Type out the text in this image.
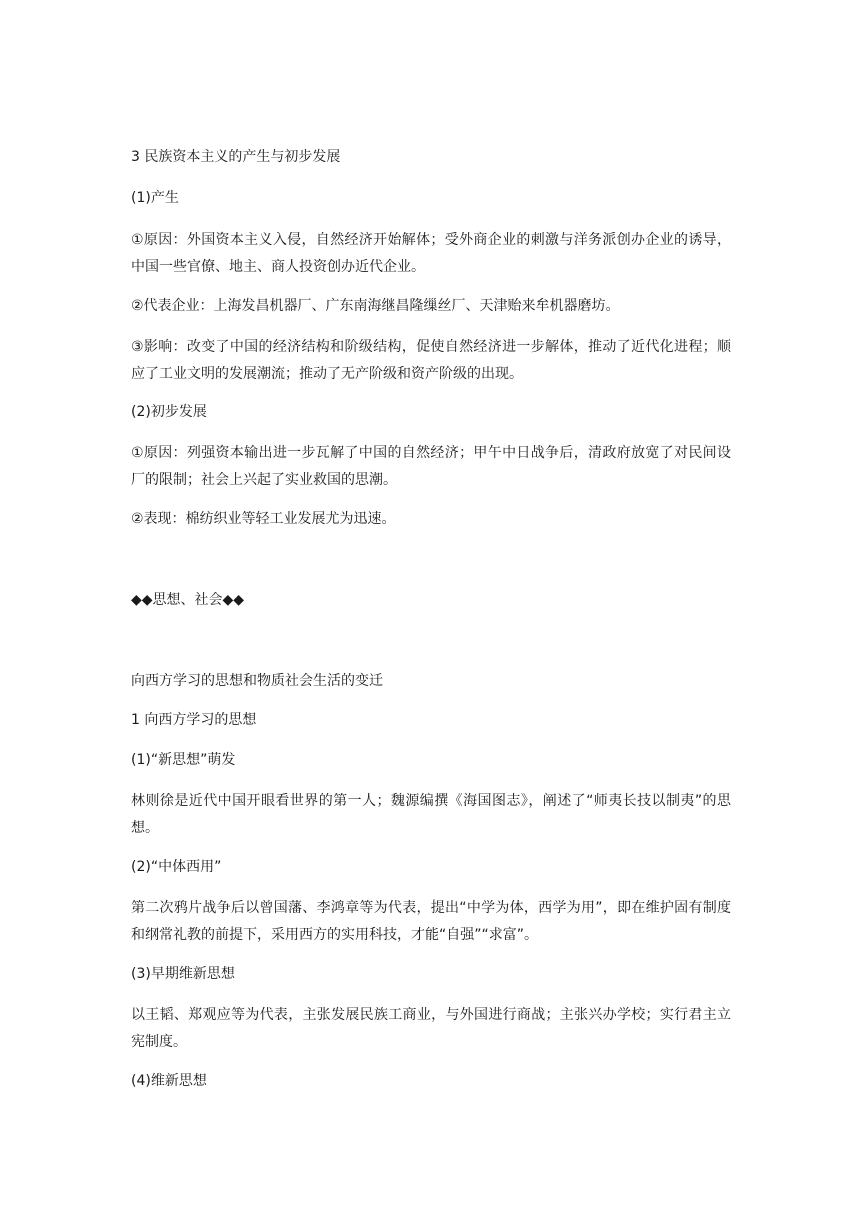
3 民族资本主义的产生与初步发展

(1)产生

①原因：外国资本主义入侵，自然经济开始解体；受外商企业的刺激与洋务派创办企业的诱导，中国一些官僚、地主、商人投资创办近代企业。

②代表企业：上海发昌机器厂、广东南海继昌隆缫丝厂、天津贻来牟机器磨坊。

③影响：改变了中国的经济结构和阶级结构，促使自然经济进一步解体，推动了近代化进程；顺应了工业文明的发展潮流；推动了无产阶级和资产阶级的出现。

(2)初步发展

①原因：列强资本输出进一步瓦解了中国的自然经济；甲午中日战争后，清政府放宽了对民间设厂的限制；社会上兴起了实业救国的思潮。

②表现：棉纺织业等轻工业发展尤为迅速。

◆◆思想、社会◆◆

向西方学习的思想和物质社会生活的变迁

1 向西方学习的思想

(1)“新思想”萌发

林则徐是近代中国开眼看世界的第一人；魏源编撰《海国图志》，阐述了“师夷长技以制夷”的思想。

(2)“中体西用”

第二次鸦片战争后以曾国藩、李鸿章等为代表，提出“中学为体，西学为用”，即在维护固有制度和纲常礼教的前提下，采用西方的实用科技，才能“自强”“求富”。

(3)早期维新思想

以王韬、郑观应等为代表，主张发展民族工商业，与外国进行商战；主张兴办学校；实行君主立宪制度。

(4)维新思想
